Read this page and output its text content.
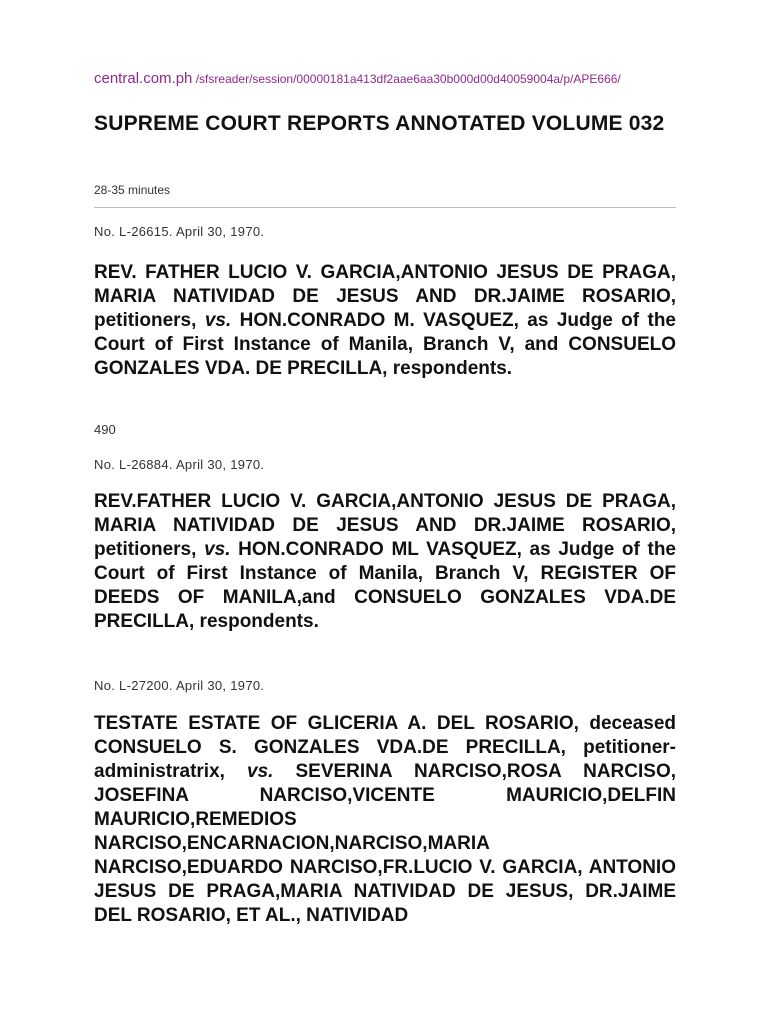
central.com.ph /sfsreader/session/00000181a413df2aae6aa30b000d00d40059004a/p/APE666/
SUPREME COURT REPORTS ANNOTATED VOLUME 032
28-35 minutes
No. L-26615. April 30, 1970.

REV. FATHER LUCIO V. GARCIA,ANTONIO JESUS DE PRAGA, MARIA NATIVIDAD DE JESUS AND DR.JAIME ROSARIO, petitioners, vs. HON.CONRADO M. VASQUEZ, as Judge of the Court of First Instance of Manila, Branch V, and CONSUELO GONZALES VDA. DE PRECILLA, respondents.

490
No. L-26884. April 30, 1970.

REV.FATHER LUCIO V. GARCIA,ANTONIO JESUS DE PRAGA, MARIA NATIVIDAD DE JESUS AND DR.JAIME ROSARIO, petitioners, vs. HON.CONRADO ML VASQUEZ, as Judge of the Court of First Instance of Manila, Branch V, REGISTER OF DEEDS OF MANILA,and CONSUELO GONZALES VDA.DE PRECILLA, respondents.

No. L-27200. April 30, 1970.

TESTATE ESTATE OF GLICERIA A. DEL ROSARIO, deceased CONSUELO S. GONZALES VDA.DE PRECILLA, petitioner-administratrix, vs. SEVERINA NARCISO,ROSA NARCISO, JOSEFINA NARCISO,VICENTE MAURICIO,DELFIN MAURICIO,REMEDIOS NARCISO,ENCARNACION,NARCISO,MARIA NARCISO,EDUARDO NARCISO,FR.LUCIO V. GARCIA, ANTONIO JESUS DE PRAGA,MARIA NATIVIDAD DE JESUS, DR.JAIME DEL ROSARIO, ET AL., NATIVIDAD
